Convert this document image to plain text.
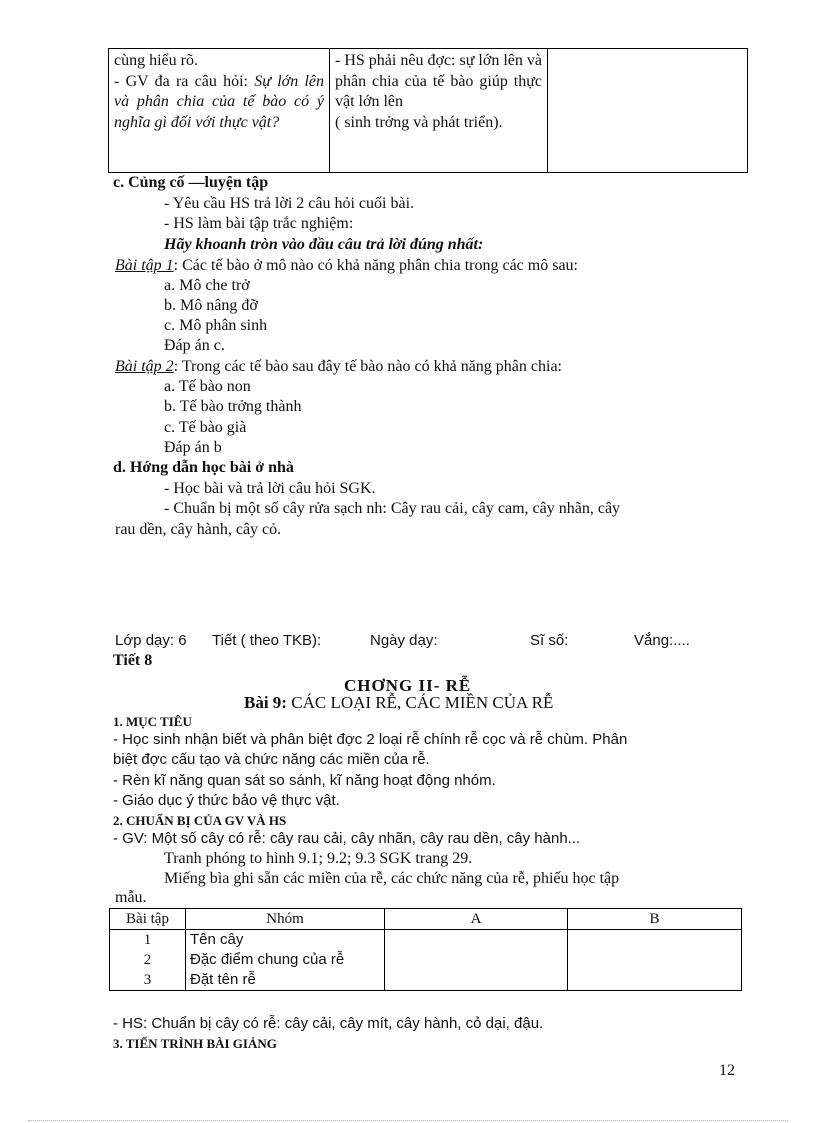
cùng hiểu rõ.
- GV đa ra câu hỏi: Sự lớn lên và phân chia của tế bào có ý nghĩa gì đối với thực vật?

- HS phải nêu đợc: sự lớn lên và phân chia của tế bào giúp thực vật lớn lên
( sinh trởng và phát triển).

c. Củng cố —luyện tập
- Yêu cầu HS trả lời 2 câu hỏi cuối bài.
- HS làm bài tập trắc nghiệm:
Hãy khoanh tròn vào đầu câu trả lời đúng nhất:
Bài tập 1: Các tế bào ở mô nào có khả năng phân chia trong các mô sau:
a. Mô che trở
b. Mô nâng đỡ
c. Mô phân sinh
Đáp án c.
Bài tập 2: Trong các tế bào sau đây tế bào nào có khả năng phân chia:
a. Tế bào non
b. Tế bào trởng thành
c. Tế bào già
Đáp án b
d. Hớng dẫn học bài ở nhà
- Học bài và trả lời câu hỏi SGK.
- Chuẩn bị một số cây rửa sạch nh: Cây rau cải, cây cam, cây nhãn, cây
rau dền, cây hành, cây cỏ.
Lớp dạy: 6 Tiết ( theo TKB):	Ngày dạy:	Sĩ số:	Vắng:....
Tiết 8
CHƠNG II- RỄ
Bài 9: CÁC LOẠI RỄ, CÁC MIỀN CỦA RỄ
1. MỤC TIÊU
- Học sinh nhận biết và phân biệt đợc 2 loại rễ chính rễ cọc và rễ chùm. Phân
biệt đợc cấu tạo và chức năng các miền của rễ.
- Rèn kĩ năng quan sát so sánh, kĩ năng hoạt động nhóm.
- Giáo dục ý thức bảo vệ thực vật.
2. CHUẨN BỊ CỦA GV VÀ HS
- GV: Một số cây có rễ: cây rau cải, cây nhãn, cây rau dền, cây hành...
Tranh phóng to hình 9.1; 9.2; 9.3 SGK trang 29.
Miếng bìa ghi sẵn các miền của rễ, các chức năng của rễ, phiếu học tập
mẫu.
Bài tập	Nhóm	A	B
1	Tên cây		
2	Đặc điểm chung của rễ		
3	Đặt tên rễ		
- HS: Chuẩn bị cây có rễ: cây cải, cây mít, cây hành, cỏ dại, đậu.
3. TIẾN TRÌNH BÀI GIẢNG
12
